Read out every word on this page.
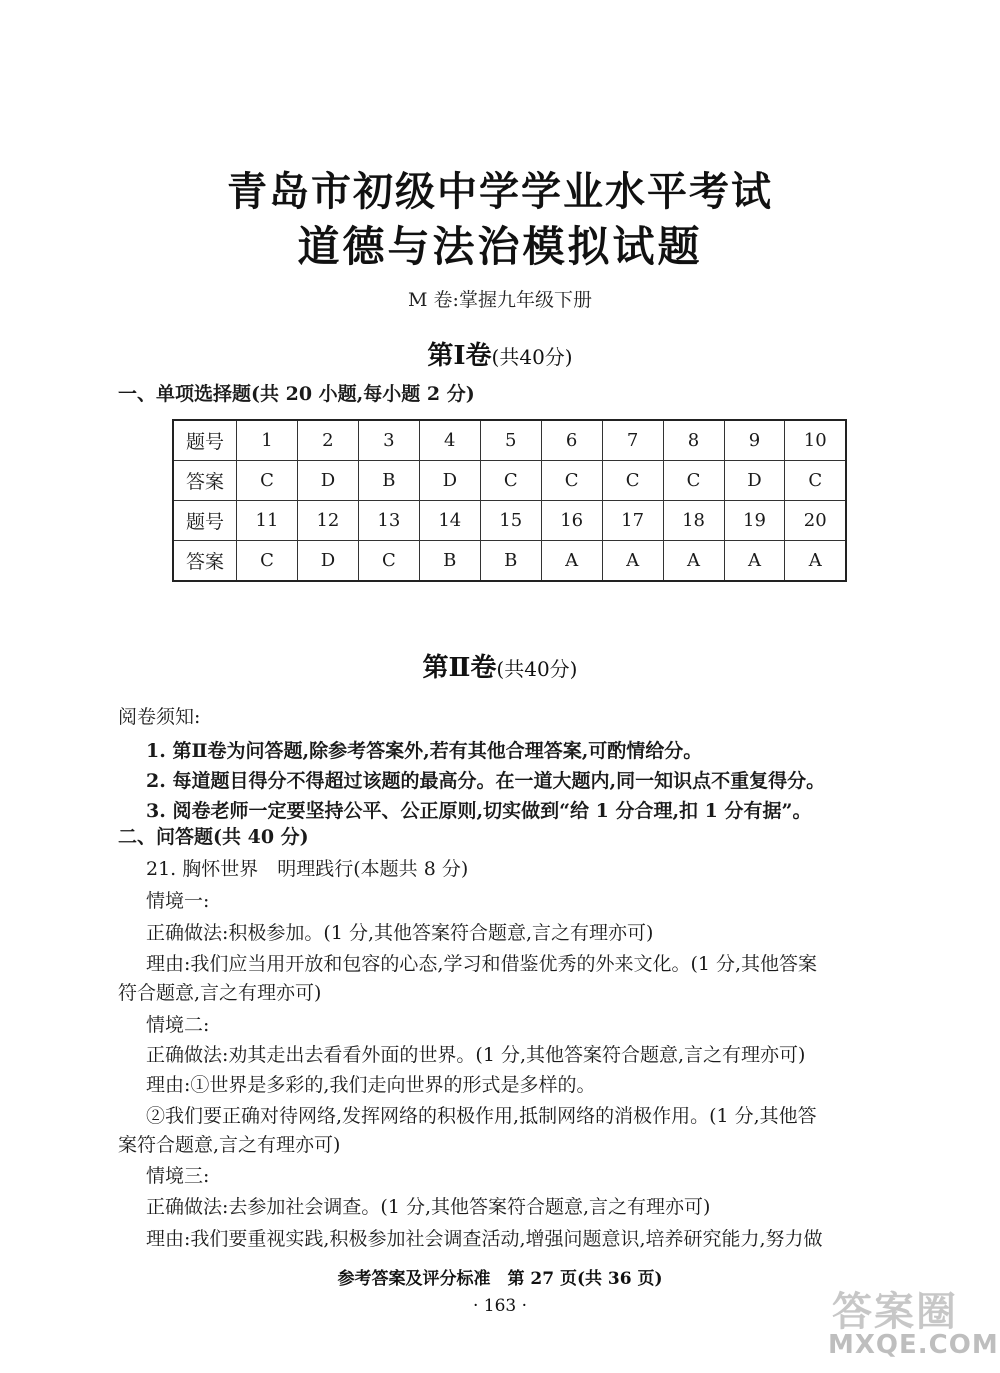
青岛市初级中学学业水平考试
道德与法治模拟试题
M 卷:掌握九年级下册
第Ⅰ卷(共40分)
一、单项选择题(共 20 小题,每小题 2 分)
题号	1	2	3	4	5	6	7	8	9	10
答案	C	D	B	D	C	C	C	C	D	C
题号	11	12	13	14	15	16	17	18	19	20
答案	C	D	C	B	B	A	A	A	A	A
第Ⅱ卷(共40分)
阅卷须知:
1. 第Ⅱ卷为问答题,除参考答案外,若有其他合理答案,可酌情给分。
2. 每道题目得分不得超过该题的最高分。在一道大题内,同一知识点不重复得分。
3. 阅卷老师一定要坚持公平、公正原则,切实做到“给 1 分合理,扣 1 分有据”。
二、问答题(共 40 分)
21. 胸怀世界　明理践行(本题共 8 分)
情境一:
正确做法:积极参加。(1 分,其他答案符合题意,言之有理亦可)
理由:我们应当用开放和包容的心态,学习和借鉴优秀的外来文化。(1 分,其他答案
符合题意,言之有理亦可)
情境二:
正确做法:劝其走出去看看外面的世界。(1 分,其他答案符合题意,言之有理亦可)
理由:①世界是多彩的,我们走向世界的形式是多样的。
②我们要正确对待网络,发挥网络的积极作用,抵制网络的消极作用。(1 分,其他答
案符合题意,言之有理亦可)
情境三:
正确做法:去参加社会调查。(1 分,其他答案符合题意,言之有理亦可)
理由:我们要重视实践,积极参加社会调查活动,增强问题意识,培养研究能力,努力做
参考答案及评分标准　第 27 页(共 36 页)
· 163 ·	答案圈
MXQE.COM
